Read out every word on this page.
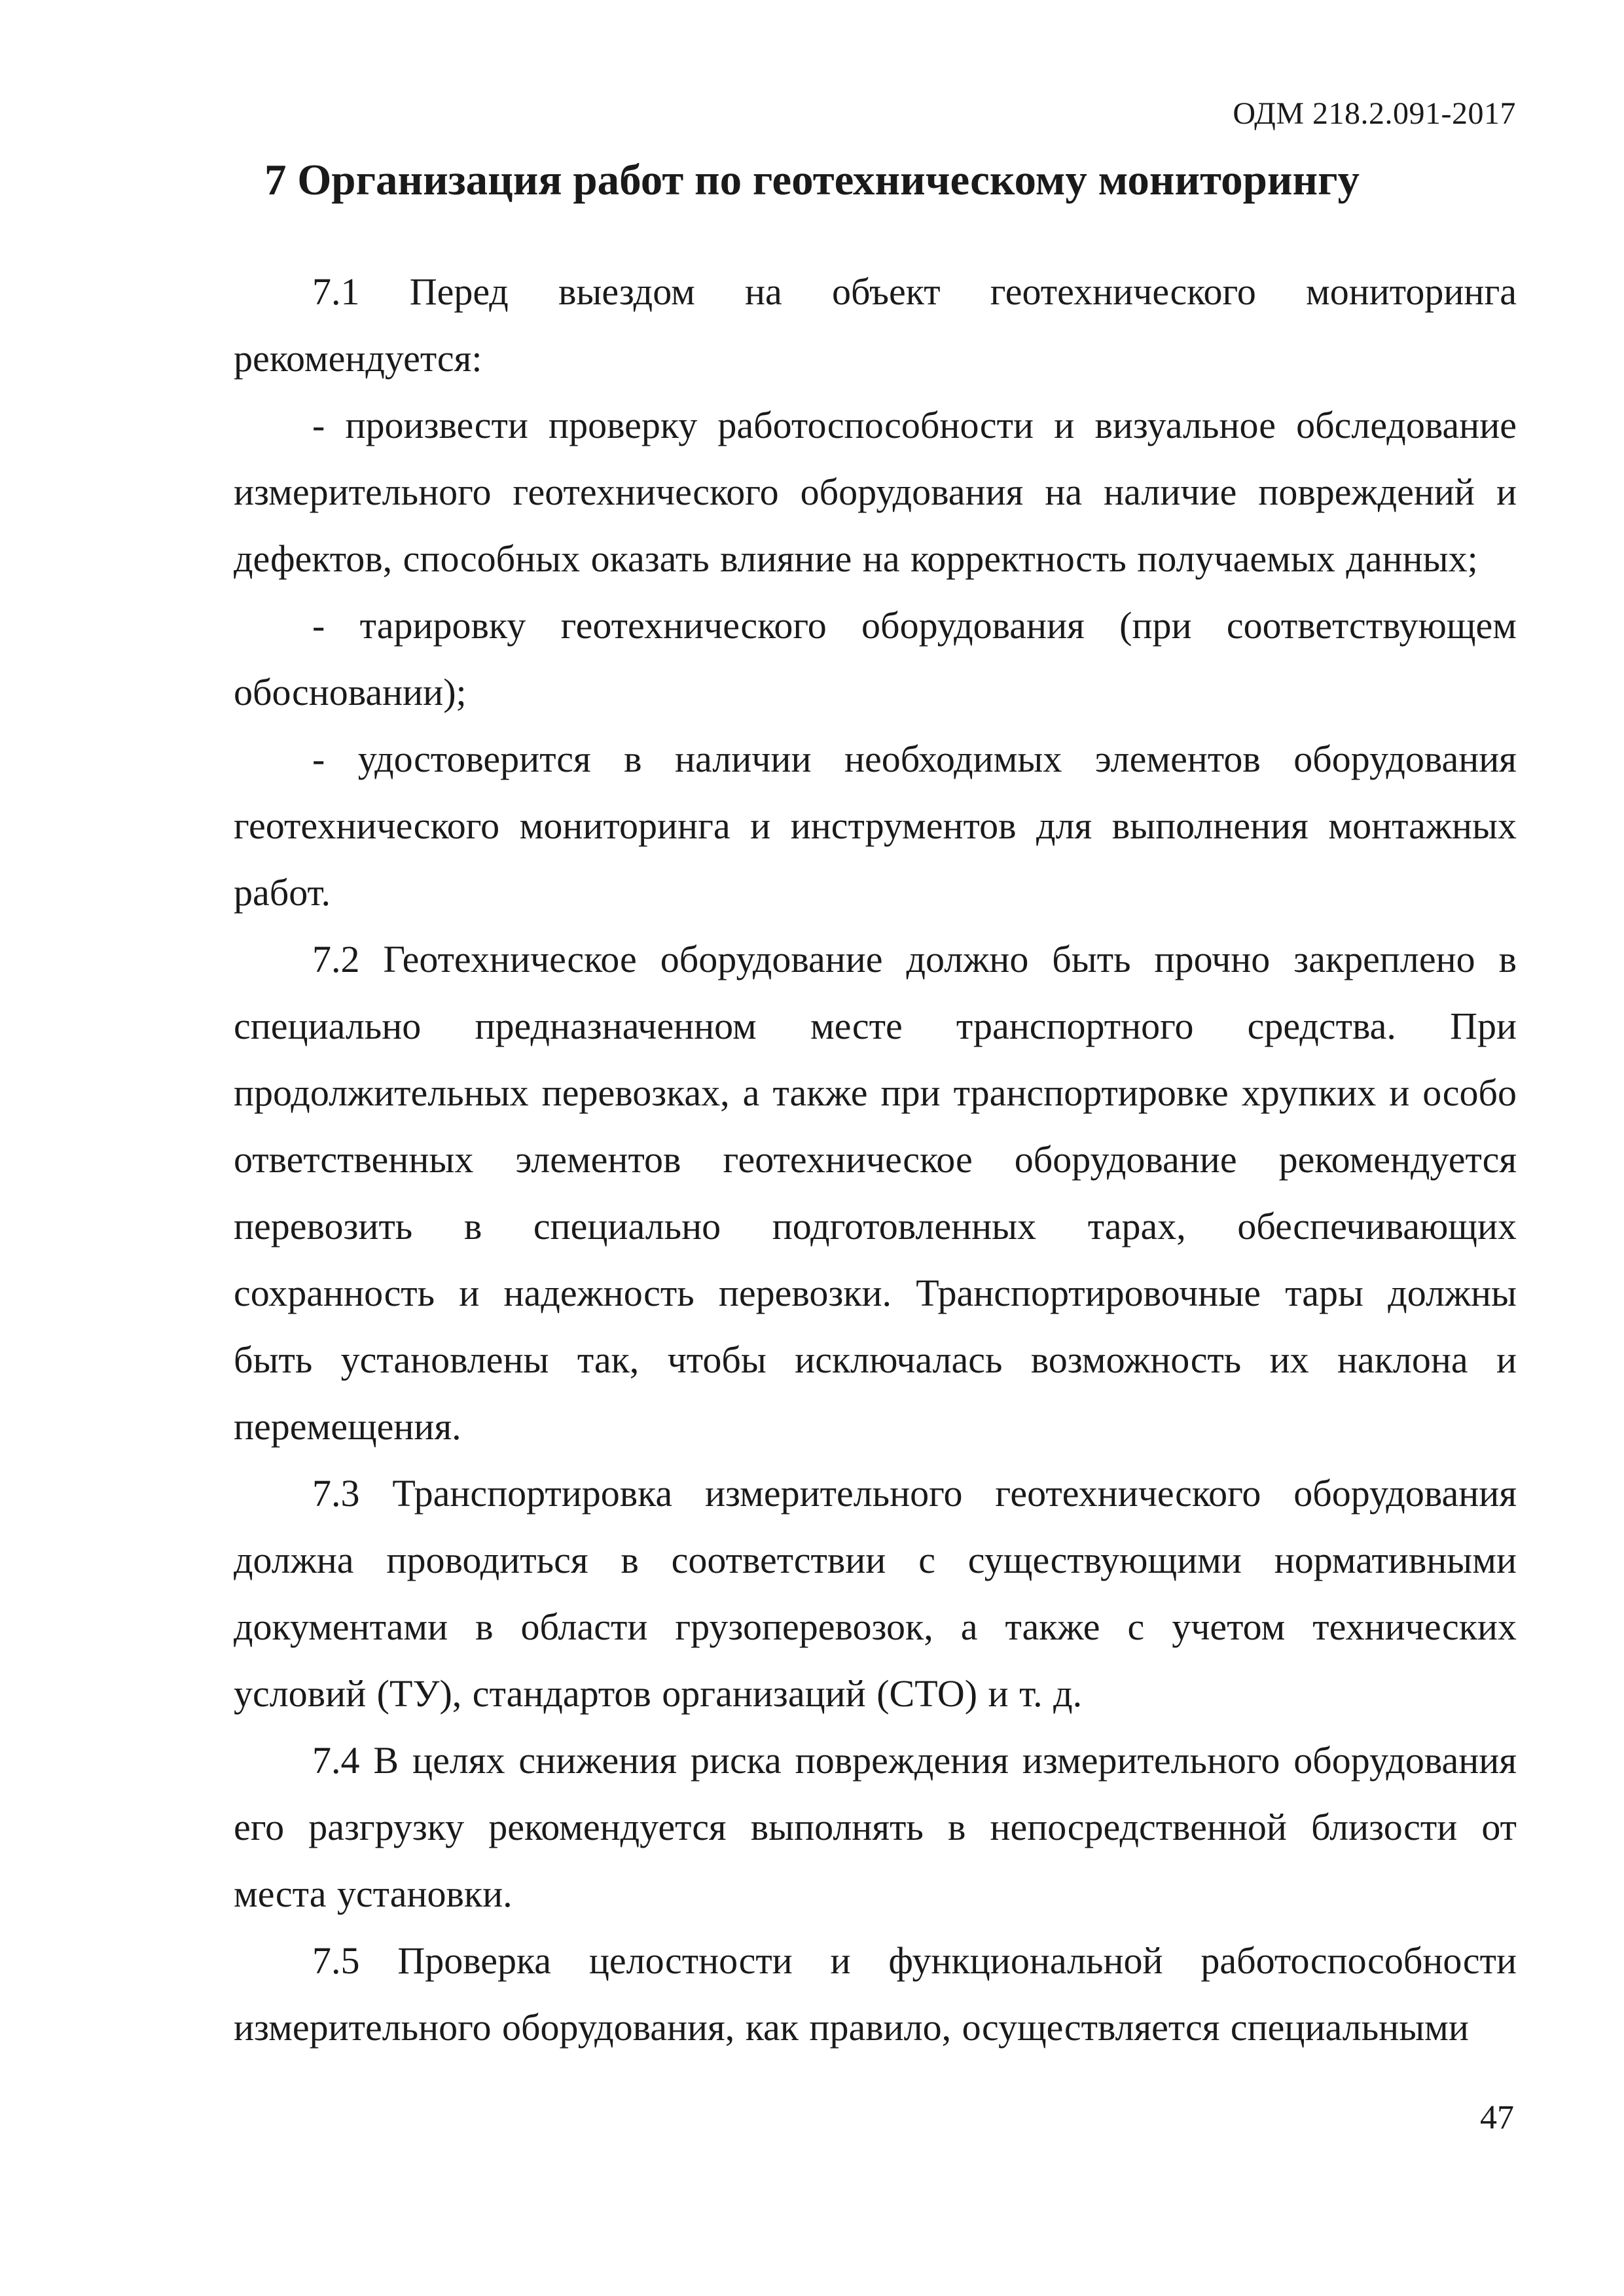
ОДМ 218.2.091-2017
7 Организация работ по геотехническому мониторингу

7.1 Перед выездом на объект геотехнического мониторинга рекомендуется:

- произвести проверку работоспособности и визуальное обследование измерительного геотехнического оборудования на наличие повреждений и дефектов, способных оказать влияние на корректность получаемых данных;

- тарировку геотехнического оборудования (при соответствующем обосновании);

- удостоверится в наличии необходимых элементов оборудования геотехнического мониторинга и инструментов для выполнения монтажных работ.

7.2 Геотехническое оборудование должно быть прочно закреплено в специально предназначенном месте транспортного средства. При продолжительных перевозках, а также при транспортировке хрупких и особо ответственных элементов геотехническое оборудование рекомендуется перевозить в специально подготовленных тарах, обеспечивающих сохранность и надежность перевозки. Транспортировочные тары должны быть установлены так, чтобы исключалась возможность их наклона и перемещения.

7.3 Транспортировка измерительного геотехнического оборудования должна проводиться в соответствии с существующими нормативными документами в области грузоперевозок, а также с учетом технических условий (ТУ), стандартов организаций (СТО) и т. д.

7.4 В целях снижения риска повреждения измерительного оборудования его разгрузку рекомендуется выполнять в непосредственной близости от места установки.

7.5 Проверка целостности и функциональной работоспособности измерительного оборудования, как правило, осуществляется специальными

47
